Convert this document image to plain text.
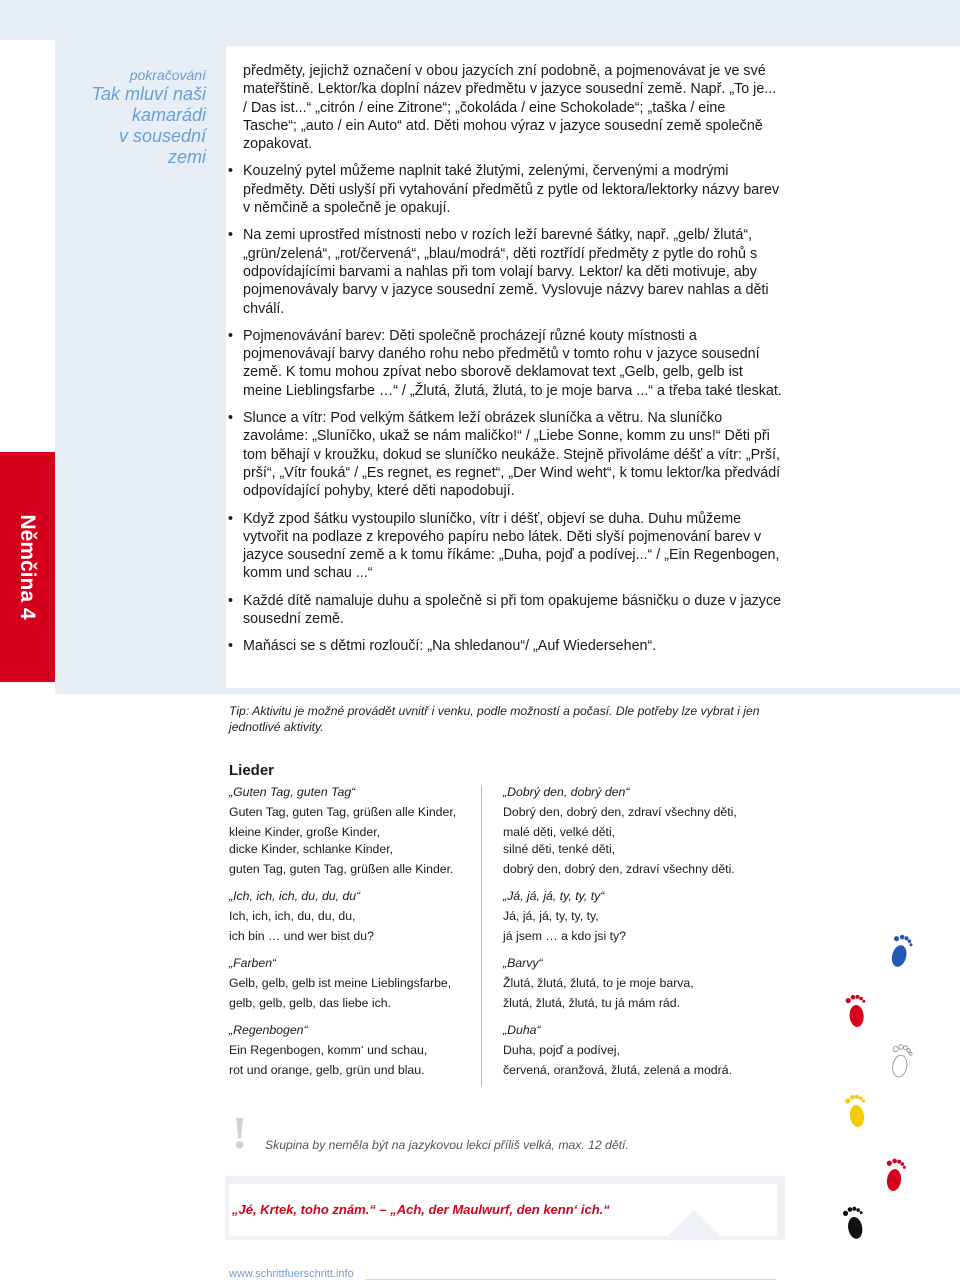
pokračování
Tak mluví naši
kamarádi
v sousední
zemi
Němčina 4

předměty, jejichž označení v obou jazycích zní podobně, a pojmenovávat je ve své mateřštině. Lektor/ka doplní název předmětu v jazyce sousední země. Např. „To je... / Das ist...“ „citrón / eine Zitrone“; „čokoláda / eine Schokolade“; „taška / eine Tasche“; „auto / ein Auto“ atd. Děti mohou výraz v jazyce sousední země společně zopakovat.

• Kouzelný pytel můžeme naplnit také žlutými, zelenými, červenými a modrými předměty. Děti uslyší při vytahování předmětů z pytle od lektora/lektorky názvy barev v němčině a společně je opakují.
• Na zemi uprostřed místnosti nebo v rozích leží barevné šátky, např. „gelb/ žlutá“, „grün/zelená“, „rot/červená“, „blau/modrá“, děti roztřídí předměty z pytle do rohů s odpovídajícími barvami a nahlas při tom volají barvy. Lektor/ ka děti motivuje, aby pojmenovávaly barvy v jazyce sousední země. Vyslovuje názvy barev nahlas a děti chválí.
• Pojmenovávání barev: Děti společně procházejí různé kouty místnosti a pojmenovávají barvy daného rohu nebo předmětů v tomto rohu v jazyce sousední země. K tomu mohou zpívat nebo sborově deklamovat text „Gelb, gelb, gelb ist meine Lieblingsfarbe …“ / „Žlutá, žlutá, žlutá, to je moje barva ...“ a třeba také tleskat.
• Slunce a vítr: Pod velkým šátkem leží obrázek sluníčka a větru. Na sluníčko zavoláme: „Sluníčko, ukaž se nám maličko!“ / „Liebe Sonne, komm zu uns!“ Děti při tom běhají v kroužku, dokud se sluníčko neukáže. Stejně přivoláme déšť a vítr: „Prší, prší“, „Vítr fouká“ / „Es regnet, es regnet“, „Der Wind weht“, k tomu lektor/ka předvádí odpovídající pohyby, které děti napodobují.
• Když zpod šátku vystoupilo sluníčko, vítr i déšť, objeví se duha. Duhu můžeme vytvořit na podlaze z krepového papíru nebo látek. Děti slyší pojmenování barev v jazyce sousední země a k tomu říkáme: „Duha, pojď a podívej...“ / „Ein Regenbogen, komm und schau ...“
• Každé dítě namaluje duhu a společně si při tom opakujeme básničku o duze v jazyce sousední země.
• Maňásci se s dětmi rozloučí: „Na shledanou“/ „Auf Wiedersehen“.
Tip: Aktivitu je možné provádět uvnitř i venku, podle možností a počasí. Dle potřeby lze vybrat i jen jednotlivé aktivity.
Lieder
„Guten Tag, guten Tag“
Guten Tag, guten Tag, grüßen alle Kinder,
kleine Kinder, große Kinder,
dicke Kinder, schlanke Kinder,
guten Tag, guten Tag, grüßen alle Kinder.
„Ich, ich, ich, du, du, du“
Ich, ich, ich, du, du, du,
ich bin … und wer bist du?
„Farben“
Gelb, gelb, gelb ist meine Lieblingsfarbe,
gelb, gelb, gelb, das liebe ich.
„Regenbogen“
Ein Regenbogen, komm‘ und schau,
rot und orange, gelb, grün und blau.
„Dobrý den, dobrý den“
Dobrý den, dobrý den, zdraví všechny děti,
malé děti, velké děti,
silné děti, tenké děti,
dobrý den, dobrý den, zdraví všechny děti.
„Já, já, já, ty, ty, ty“
Já, já, já, ty, ty, ty,
já jsem … a kdo jsi ty?
„Barvy“
Žlutá, žlutá, žlutá, to je moje barva,
žlutá, žlutá, žlutá, tu já mám rád.
„Duha“
Duha, pojď a podívej,
červená, oranžová, žlutá, zelená a modrá.
! Skupina by neměla být na jazykovou lekci příliš velká, max. 12 dětí.
„Jé, Krtek, toho znám.“ – „Ach, der Maulwurf, den kenn‘ ich.“
www.schrittfuerschritt.info
